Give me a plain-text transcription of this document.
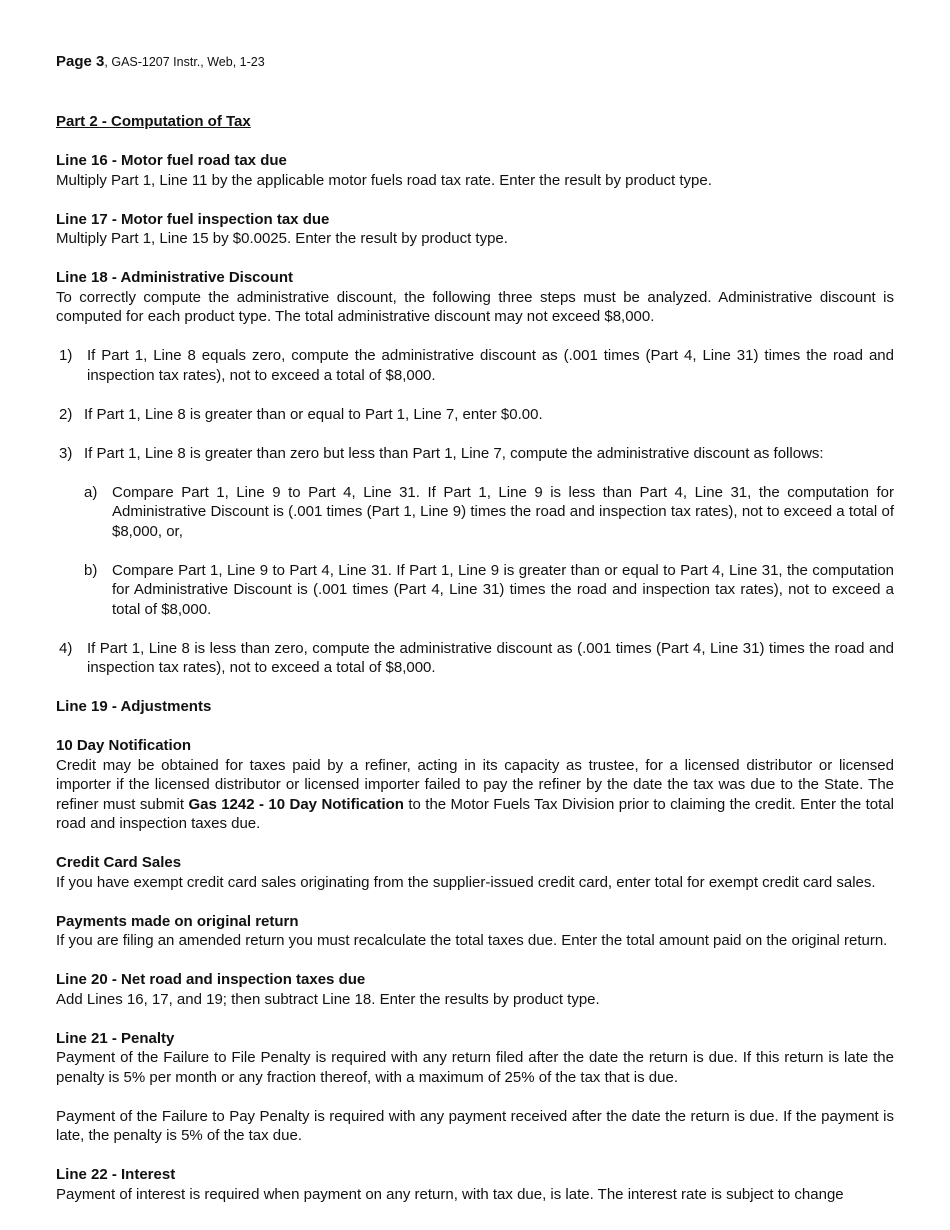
Page 3, GAS-1207 Instr., Web, 1-23
Part 2 - Computation of Tax
Line 16 - Motor fuel road tax due
Multiply Part 1, Line 11 by the applicable motor fuels road tax rate. Enter the result by product type.
Line 17 - Motor fuel inspection tax due
Multiply Part 1, Line 15 by $0.0025. Enter the result by product type.
Line 18 - Administrative Discount
To correctly compute the administrative discount, the following three steps must be analyzed. Administrative discount is computed for each product type. The total administrative discount may not exceed $8,000.
1) If Part 1, Line 8 equals zero, compute the administrative discount as (.001 times (Part 4, Line 31) times the road and inspection tax rates), not to exceed a total of $8,000.
2) If Part 1, Line 8 is greater than or equal to Part 1, Line 7, enter $0.00.
3) If Part 1, Line 8 is greater than zero but less than Part 1, Line 7, compute the administrative discount as follows:
a) Compare Part 1, Line 9 to Part 4, Line 31. If Part 1, Line 9 is less than Part 4, Line 31, the computation for Administrative Discount is (.001 times (Part 1, Line 9) times the road and inspection tax rates), not to exceed a total of $8,000, or,
b) Compare Part 1, Line 9 to Part 4, Line 31. If Part 1, Line 9 is greater than or equal to Part 4, Line 31, the computation for Administrative Discount is (.001 times (Part 4, Line 31) times the road and inspection tax rates), not to exceed a total of $8,000.
4) If Part 1, Line 8 is less than zero, compute the administrative discount as (.001 times (Part 4, Line 31) times the road and inspection tax rates), not to exceed a total of $8,000.
Line 19 - Adjustments
10 Day Notification
Credit may be obtained for taxes paid by a refiner, acting in its capacity as trustee, for a licensed distributor or licensed importer if the licensed distributor or licensed importer failed to pay the refiner by the date the tax was due to the State. The refiner must submit Gas 1242 - 10 Day Notification to the Motor Fuels Tax Division prior to claiming the credit. Enter the total road and inspection taxes due.
Credit Card Sales
If you have exempt credit card sales originating from the supplier-issued credit card, enter total for exempt credit card sales.
Payments made on original return
If you are filing an amended return you must recalculate the total taxes due. Enter the total amount paid on the original return.
Line 20 - Net road and inspection taxes due
Add Lines 16, 17, and 19; then subtract Line 18. Enter the results by product type.
Line 21 - Penalty
Payment of the Failure to File Penalty is required with any return filed after the date the return is due. If this return is late the penalty is 5% per month or any fraction thereof, with a maximum of 25% of the tax that is due.
Payment of the Failure to Pay Penalty is required with any payment received after the date the return is due. If the payment is late, the penalty is 5% of the tax due.
Line 22 - Interest
Payment of interest is required when payment on any return, with tax due, is late. The interest rate is subject to change
